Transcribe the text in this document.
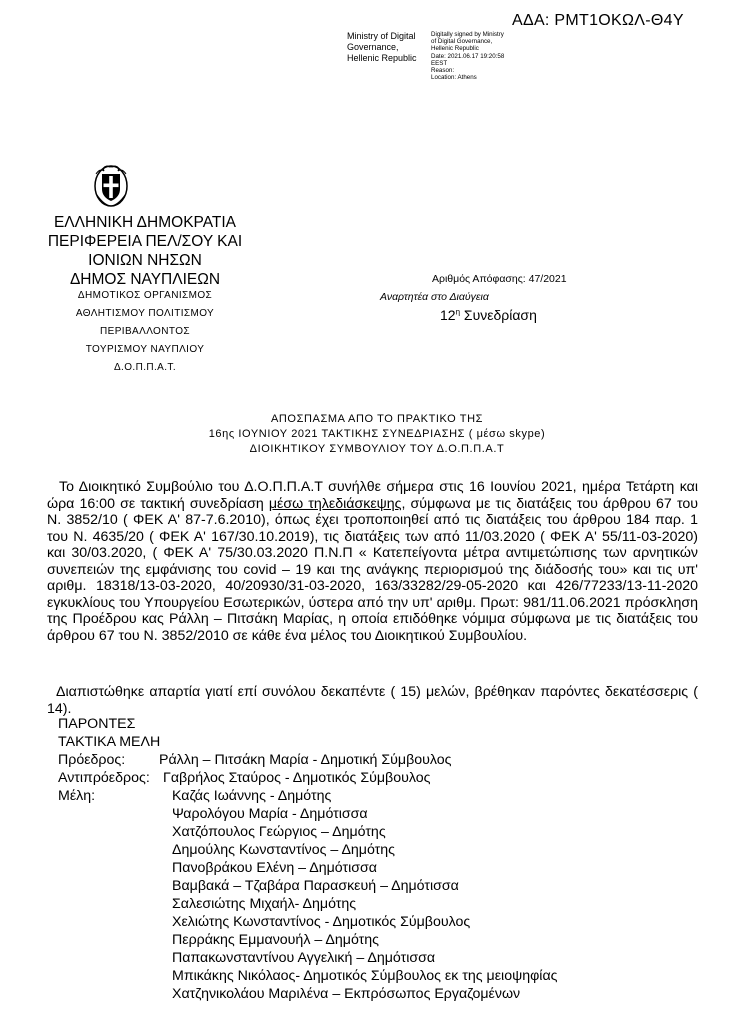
ΑΔΑ: ΡΜΤ1ΟΚΩΛ-Θ4Υ
Ministry of Digital
Governance,
Hellenic Republic
Digitally signed by Ministry
of Digital Governance,
Hellenic Republic
Date: 2021.06.17 19:20:58
EEST
Reason:
Location: Athens
ΕΛΛΗΝΙΚΗ ΔΗΜΟΚΡΑΤΙΑ
ΠΕΡΙΦΕΡΕΙΑ ΠΕΛ/ΣΟΥ ΚΑΙ
ΙΟΝΙΩΝ ΝΗΣΩΝ
ΔΗΜΟΣ ΝΑΥΠΛΙΕΩΝ
ΔΗΜΟΤΙΚΟΣ ΟΡΓΑΝΙΣΜΟΣ
ΑΘΛΗΤΙΣΜΟΥ ΠΟΛΙΤΙΣΜΟΥ
ΠΕΡΙΒΑΛΛΟΝΤΟΣ
ΤΟΥΡΙΣΜΟΥ ΝΑΥΠΛΙΟΥ
Δ.Ο.Π.Π.Α.Τ.
Αριθμός Απόφασης: 47/2021
Αναρτητέα στο Διαύγεια
$12^\eta$ Συνεδρίαση
ΑΠΟΣΠΑΣΜΑ ΑΠΟ ΤΟ ΠΡΑΚΤΙΚΟ ΤΗΣ
16ης ΙΟΥΝΙΟΥ 2021 ΤΑΚΤΙΚΗΣ ΣΥΝΕΔΡΙΑΣΗΣ ( μέσω skype)
ΔΙΟΙΚΗΤΙΚΟΥ ΣΥΜΒΟΥΛΙΟΥ ΤΟΥ Δ.Ο.Π.Π.Α.Τ

Το Διοικητικό Συμβούλιο του Δ.Ο.Π.Π.Α.Τ συνήλθε σήμερα στις 16 Ιουνίου 2021, ημέρα Τετάρτη και ώρα 16:00 σε τακτική συνεδρίαση μέσω τηλεδιάσκεψης, σύμφωνα με τις διατάξεις του άρθρου 67 του Ν. 3852/10 ( ΦΕΚ Α' 87-7.6.2010), όπως έχει τροποποιηθεί από τις διατάξεις του άρθρου 184 παρ. 1 του Ν. 4635/20 ( ΦΕΚ Α' 167/30.10.2019), τις διατάξεις των από 11/03.2020 ( ΦΕΚ Α' 55/11-03-2020) και 30/03.2020, ( ΦΕΚ Α' 75/30.03.2020 Π.Ν.Π « Κατεπείγοντα μέτρα αντιμετώπισης των αρνητικών συνεπειών της εμφάνισης του covid – 19 και της ανάγκης περιορισμού της διάδοσής του» και τις υπ' αριθμ. 18318/13-03-2020, 40/20930/31-03-2020, 163/33282/29-05-2020 και 426/77233/13-11-2020 εγκυκλίους του Υπουργείου Εσωτερικών, ύστερα από την υπ' αριθμ. Πρωτ: 981/11.06.2021 πρόσκληση της Προέδρου κας Ράλλη – Πιτσάκη Μαρίας, η οποία επιδόθηκε νόμιμα σύμφωνα με τις διατάξεις του άρθρου 67 του Ν. 3852/2010 σε κάθε ένα μέλος του Διοικητικού Συμβουλίου.

Διαπιστώθηκε απαρτία γιατί επί συνόλου δεκαπέντε ( 15) μελών, βρέθηκαν παρόντες δεκατέσσερις ( 14).
ΠΑΡΟΝΤΕΣ
ΤΑΚΤΙΚΑ ΜΕΛΗ
Πρόεδρος:
Αντιπρόεδρος:
Μέλη:
Ράλλη – Πιτσάκη Μαρία - Δημοτική Σύμβουλος
Γαβρήλος Σταύρος - Δημοτικός Σύμβουλος
Καζάς Ιωάννης - Δημότης
Ψαρολόγου Μαρία - Δημότισσα
Χατζόπουλος Γεώργιος – Δημότης
Δημούλης Κωνσταντίνος – Δημότης
Πανοβράκου Ελένη – Δημότισσα
Βαμβακά – Τζαβάρα Παρασκευή – Δημότισσα
Σαλεσιώτης Μιχαήλ- Δημότης
Χελιώτης Κωνσταντίνος - Δημοτικός Σύμβουλος
Περράκης Εμμανουήλ – Δημότης
Παπακωνσταντίνου Αγγελική – Δημότισσα
Μπικάκης Νικόλαος- Δημοτικός Σύμβουλος εκ της μειοψηφίας
Χατζηνικολάου Μαριλένα – Εκπρόσωπος Εργαζομένων
